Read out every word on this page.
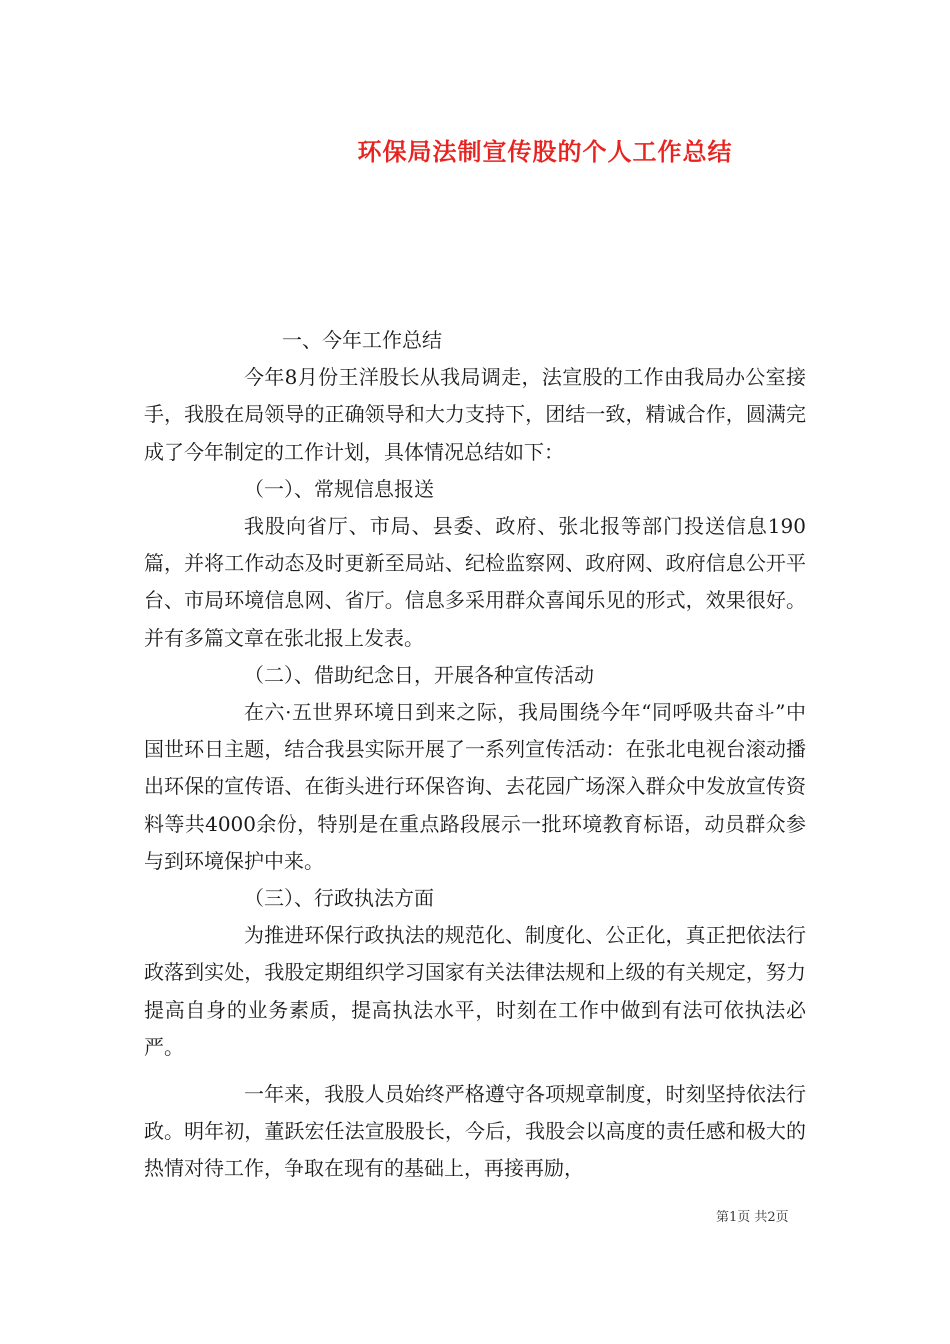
环保局法制宣传股的个人工作总结

一、今年工作总结

今年8月份王洋股长从我局调走，法宣股的工作由我局办公室接手，我股在局领导的正确领导和大力支持下，团结一致，精诚合作，圆满完成了今年制定的工作计划，具体情况总结如下：

（一）、常规信息报送

我股向省厅、市局、县委、政府、张北报等部门投送信息190篇，并将工作动态及时更新至局站、纪检监察网、政府网、政府信息公开平台、市局环境信息网、省厅。信息多采用群众喜闻乐见的形式，效果很好。并有多篇文章在张北报上发表。

（二）、借助纪念日，开展各种宣传活动

在六·五世界环境日到来之际，我局围绕今年“同呼吸共奋斗”中国世环日主题，结合我县实际开展了一系列宣传活动：在张北电视台滚动播出环保的宣传语、在街头进行环保咨询、去花园广场深入群众中发放宣传资料等共4000余份，特别是在重点路段展示一批环境教育标语，动员群众参与到环境保护中来。

（三）、行政执法方面

为推进环保行政执法的规范化、制度化、公正化，真正把依法行政落到实处，我股定期组织学习国家有关法律法规和上级的有关规定，努力提高自身的业务素质，提高执法水平，时刻在工作中做到有法可依执法必严。

一年来，我股人员始终严格遵守各项规章制度，时刻坚持依法行政。明年初，董跃宏任法宣股股长，今后，我股会以高度的责任感和极大的热情对待工作，争取在现有的基础上，再接再励，

第1页 共2页
